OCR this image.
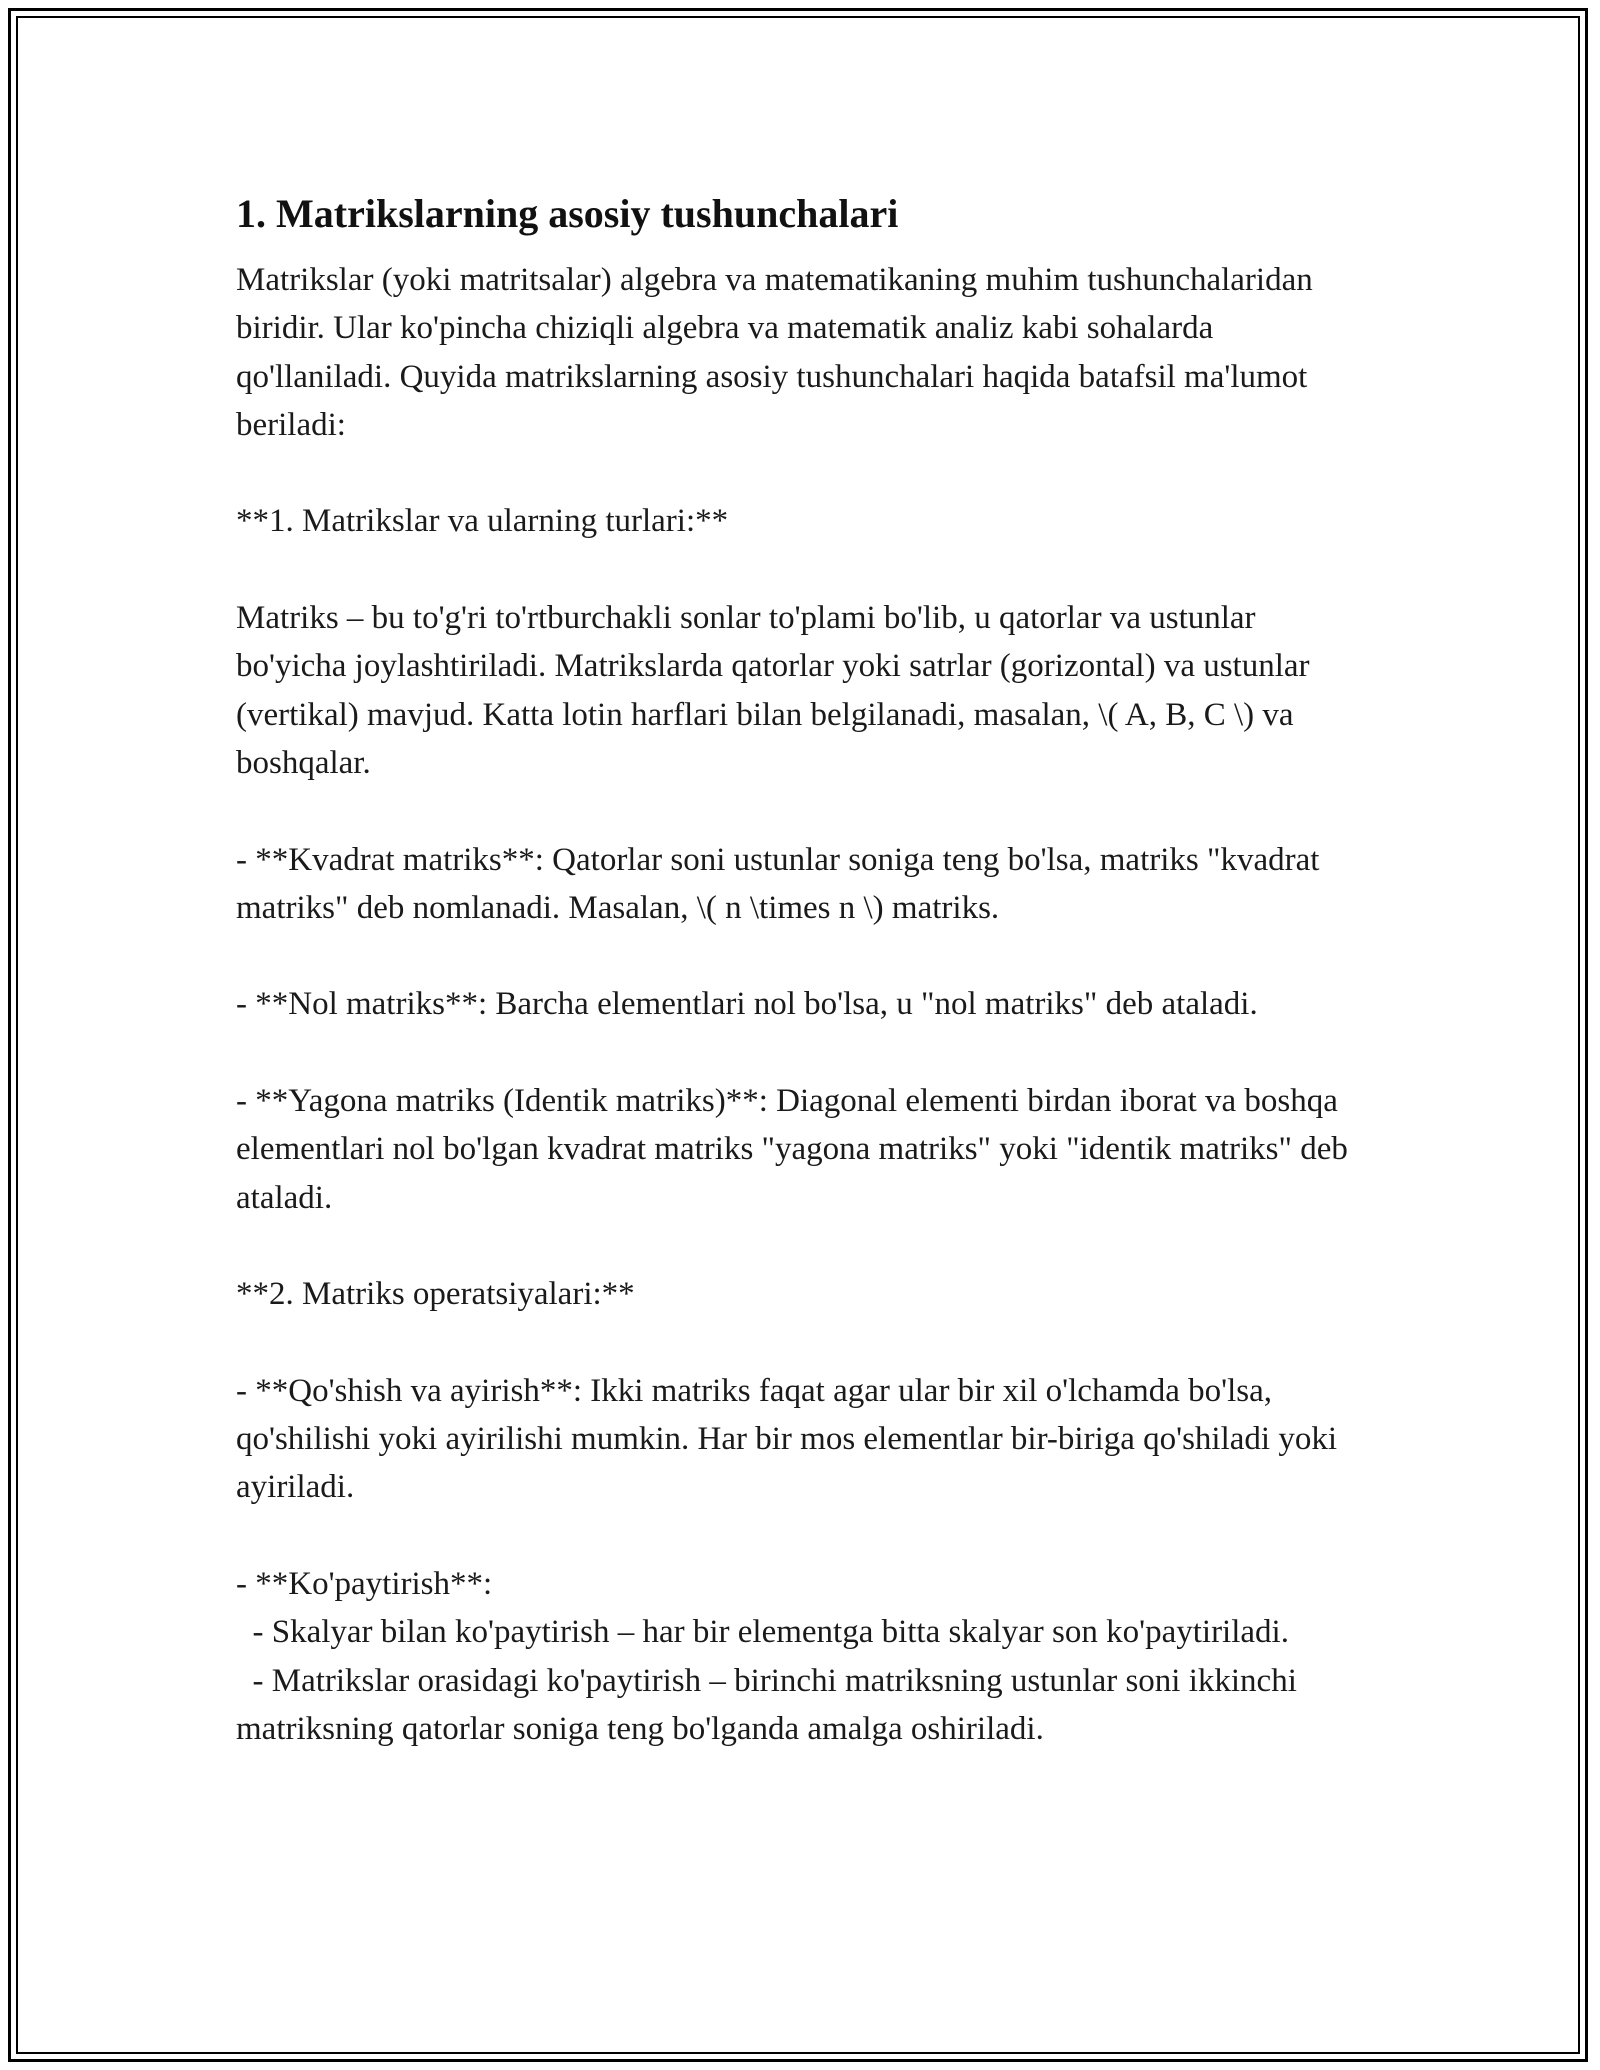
1. Matrikslarning asosiy tushunchalari

Matrikslar (yoki matritsalar) algebra va matematikaning muhim tushunchalaridan biridir. Ular ko'pincha chiziqli algebra va matematik analiz kabi sohalarda qo'llaniladi. Quyida matrikslarning asosiy tushunchalari haqida batafsil ma'lumot beriladi:

**1. Matrikslar va ularning turlari:**

Matriks – bu to'g'ri to'rtburchakli sonlar to'plami bo'lib, u qatorlar va ustunlar bo'yicha joylashtiriladi. Matrikslarda qatorlar yoki satrlar (gorizontal) va ustunlar (vertikal) mavjud. Katta lotin harflari bilan belgilanadi, masalan, \( A, B, C \) va boshqalar.

- **Kvadrat matriks**: Qatorlar soni ustunlar soniga teng bo'lsa, matriks "kvadrat matriks" deb nomlanadi. Masalan, \( n \times n \) matriks.

- **Nol matriks**: Barcha elementlari nol bo'lsa, u "nol matriks" deb ataladi.

- **Yagona matriks (Identik matriks)**: Diagonal elementi birdan iborat va boshqa elementlari nol bo'lgan kvadrat matriks "yagona matriks" yoki "identik matriks" deb ataladi.

**2. Matriks operatsiyalari:**

- **Qo'shish va ayirish**: Ikki matriks faqat agar ular bir xil o'lchamda bo'lsa, qo'shilishi yoki ayirilishi mumkin. Har bir mos elementlar bir-biriga qo'shiladi yoki ayiriladi.

- **Ko'paytirish**:
- Skalyar bilan ko'paytirish – har bir elementga bitta skalyar son ko'paytiriladi.
- Matrikslar orasidagi ko'paytirish – birinchi matriksning ustunlar soni ikkinchi matriksning qatorlar soniga teng bo'lganda amalga oshiriladi.
